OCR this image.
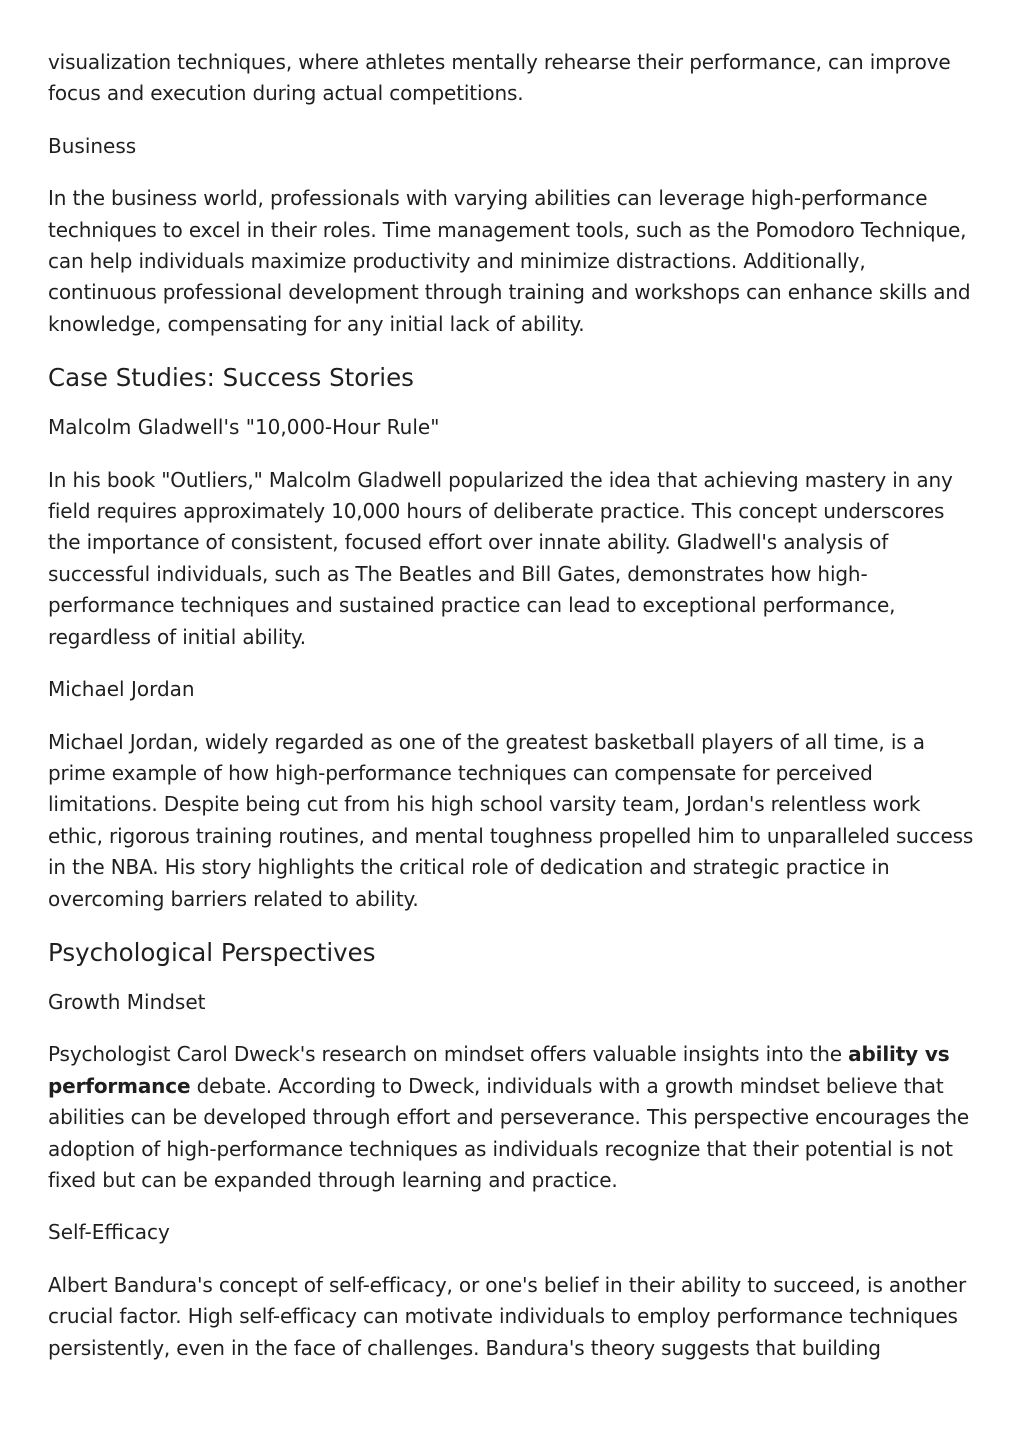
visualization techniques, where athletes mentally rehearse their performance, can improve focus and execution during actual competitions.

Business

In the business world, professionals with varying abilities can leverage high-performance techniques to excel in their roles. Time management tools, such as the Pomodoro Technique, can help individuals maximize productivity and minimize distractions. Additionally, continuous professional development through training and workshops can enhance skills and knowledge, compensating for any initial lack of ability.

Case Studies: Success Stories
Malcolm Gladwell's "10,000-Hour Rule"

In his book "Outliers," Malcolm Gladwell popularized the idea that achieving mastery in any field requires approximately 10,000 hours of deliberate practice. This concept underscores the importance of consistent, focused effort over innate ability. Gladwell's analysis of successful individuals, such as The Beatles and Bill Gates, demonstrates how high-performance techniques and sustained practice can lead to exceptional performance, regardless of initial ability.

Michael Jordan

Michael Jordan, widely regarded as one of the greatest basketball players of all time, is a prime example of how high-performance techniques can compensate for perceived limitations. Despite being cut from his high school varsity team, Jordan's relentless work ethic, rigorous training routines, and mental toughness propelled him to unparalleled success in the NBA. His story highlights the critical role of dedication and strategic practice in overcoming barriers related to ability.

Psychological Perspectives
Growth Mindset

Psychologist Carol Dweck's research on mindset offers valuable insights into the ability vs performance debate. According to Dweck, individuals with a growth mindset believe that abilities can be developed through effort and perseverance. This perspective encourages the adoption of high-performance techniques as individuals recognize that their potential is not fixed but can be expanded through learning and practice.

Self-Efficacy

Albert Bandura's concept of self-efficacy, or one's belief in their ability to succeed, is another crucial factor. High self-efficacy can motivate individuals to employ performance techniques persistently, even in the face of challenges. Bandura's theory suggests that building
